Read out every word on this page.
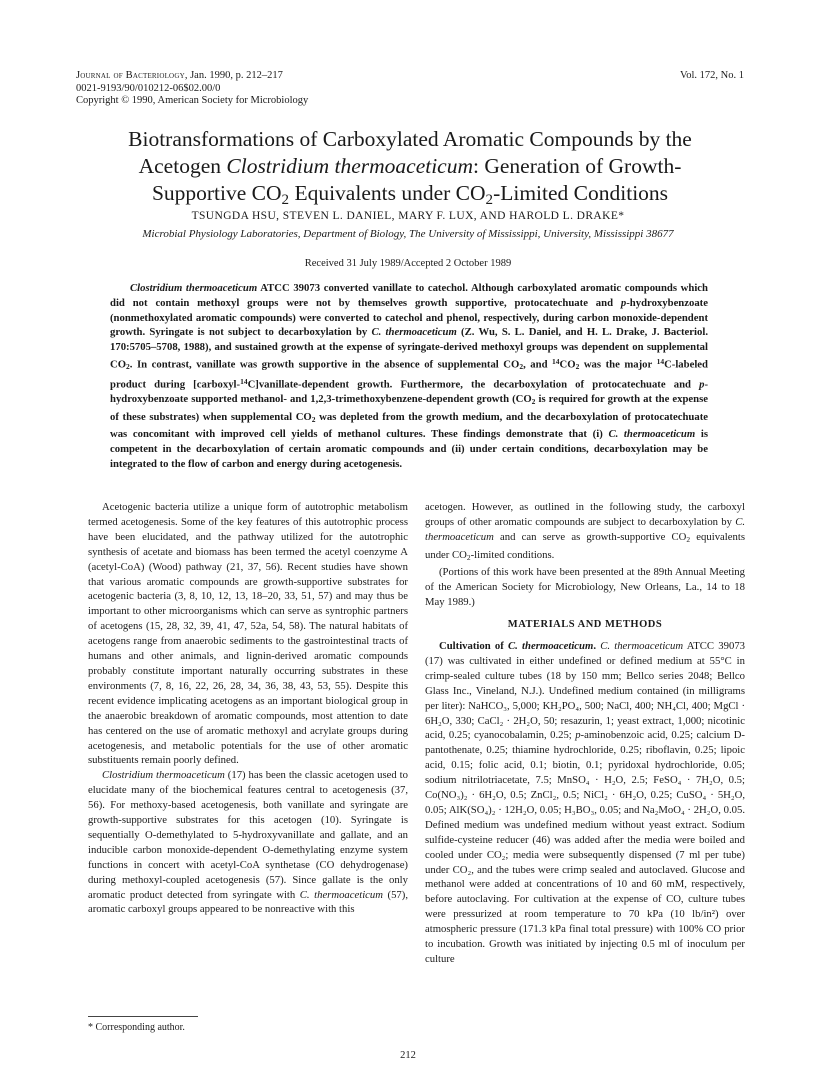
Journal of Bacteriology, Jan. 1990, p. 212–217
0021-9193/90/010212-06$02.00/0
Copyright © 1990, American Society for Microbiology
Vol. 172, No. 1
Biotransformations of Carboxylated Aromatic Compounds by the
Acetogen Clostridium thermoaceticum: Generation of Growth-
Supportive $CO_2$ Equivalents under $CO_2$-Limited Conditions
TSUNGDA HSU, STEVEN L. DANIEL, MARY F. LUX, AND HAROLD L. DRAKE*
Microbial Physiology Laboratories, Department of Biology, The University of Mississippi, University, Mississippi 38677
Received 31 July 1989/Accepted 2 October 1989

Clostridium thermoaceticum ATCC 39073 converted vanillate to catechol. Although carboxylated aromatic compounds which did not contain methoxyl groups were not by themselves growth supportive, protocatechuate and p-hydroxybenzoate (nonmethoxylated aromatic compounds) were converted to catechol and phenol, respectively, during carbon monoxide-dependent growth. Syringate is not subject to decarboxylation by C. thermoaceticum (Z. Wu, S. L. Daniel, and H. L. Drake, J. Bacteriol. 170:5705–5708, 1988), and sustained growth at the expense of syringate-derived methoxyl groups was dependent on supplemental $CO_2$. In contrast, vanillate was growth supportive in the absence of supplemental $CO_2$, and $^{14}CO_2$ was the major $^{14}$C-labeled product during [carboxyl-$^{14}$C]vanillate-dependent growth. Furthermore, the decarboxylation of protocatechuate and p-hydroxybenzoate supported methanol- and 1,2,3-trimethoxybenzene-dependent growth ($CO_2$ is required for growth at the expense of these substrates) when supplemental $CO_2$ was depleted from the growth medium, and the decarboxylation of protocatechuate was concomitant with improved cell yields of methanol cultures. These findings demonstrate that (i) C. thermoaceticum is competent in the decarboxylation of certain aromatic compounds and (ii) under certain conditions, decarboxylation may be integrated to the flow of carbon and energy during acetogenesis.

Acetogenic bacteria utilize a unique form of autotrophic metabolism termed acetogenesis. Some of the key features of this autotrophic process have been elucidated, and the pathway utilized for the autotrophic synthesis of acetate and biomass has been termed the acetyl coenzyme A (acetyl-CoA) (Wood) pathway (21, 37, 56). Recent studies have shown that various aromatic compounds are growth-supportive substrates for acetogenic bacteria (3, 8, 10, 12, 13, 18–20, 33, 51, 57) and may thus be important to other microorganisms which can serve as syntrophic partners of acetogens (15, 28, 32, 39, 41, 47, 52a, 54, 58). The natural habitats of acetogens range from anaerobic sediments to the gastrointestinal tracts of humans and other animals, and lignin-derived aromatic compounds probably constitute important naturally occurring substrates in these environments (7, 8, 16, 22, 26, 28, 34, 36, 38, 43, 53, 55). Despite this recent evidence implicating acetogens as an important biological group in the anaerobic breakdown of aromatic compounds, most attention to date has centered on the use of aromatic methoxyl and acrylate groups during acetogenesis, and metabolic potentials for the use of other aromatic substituents remain poorly defined.

Clostridium thermoaceticum (17) has been the classic acetogen used to elucidate many of the biochemical features central to acetogenesis (37, 56). For methoxy-based acetogenesis, both vanillate and syringate are growth-supportive substrates for this acetogen (10). Syringate is sequentially O-demethylated to 5-hydroxyvanillate and gallate, and an inducible carbon monoxide-dependent O-demethylating enzyme system functions in concert with acetyl-CoA synthetase (CO dehydrogenase) during methoxyl-coupled acetogenesis (57). Since gallate is the only aromatic product detected from syringate with C. thermoaceticum (57), aromatic carboxyl groups appeared to be nonreactive with this

acetogen. However, as outlined in the following study, the carboxyl groups of other aromatic compounds are subject to decarboxylation by C. thermoaceticum and can serve as growth-supportive $CO_2$ equivalents under $CO_2$-limited conditions.

(Portions of this work have been presented at the 89th Annual Meeting of the American Society for Microbiology, New Orleans, La., 14 to 18 May 1989.)

MATERIALS AND METHODS

Cultivation of C. thermoaceticum. C. thermoaceticum ATCC 39073 (17) was cultivated in either undefined or defined medium at 55°C in crimp-sealed culture tubes (18 by 150 mm; Bellco series 2048; Bellco Glass Inc., Vineland, N.J.). Undefined medium contained (in milligrams per liter): NaHCO₃, 5,000; KH₂PO₄, 500; NaCl, 400; NH₄Cl, 400; MgCl · 6H₂O, 330; CaCl₂ · 2H₂O, 50; resazurin, 1; yeast extract, 1,000; nicotinic acid, 0.25; cyanocobalamin, 0.25; p-aminobenzoic acid, 0.25; calcium D-pantothenate, 0.25; thiamine hydrochloride, 0.25; riboflavin, 0.25; lipoic acid, 0.15; folic acid, 0.1; biotin, 0.1; pyridoxal hydrochloride, 0.05; sodium nitrilotriacetate, 7.5; MnSO₄ · H₂O, 2.5; FeSO₄ · 7H₂O, 0.5; Co(NO₃)₂ · 6H₂O, 0.5; ZnCl₂, 0.5; NiCl₂ · 6H₂O, 0.25; CuSO₄ · 5H₂O, 0.05; AlK(SO₄)₂ · 12H₂O, 0.05; H₃BO₃, 0.05; and Na₂MoO₄ · 2H₂O, 0.05. Defined medium was undefined medium without yeast extract. Sodium sulfide-cysteine reducer (46) was added after the media were boiled and cooled under CO₂; media were subsequently dispensed (7 ml per tube) under CO₂, and the tubes were crimp sealed and autoclaved. Glucose and methanol were added at concentrations of 10 and 60 mM, respectively, before autoclaving. For cultivation at the expense of CO, culture tubes were pressurized at room temperature to 70 kPa (10 lb/in²) over atmospheric pressure (171.3 kPa final total pressure) with 100% CO prior to incubation. Growth was initiated by injecting 0.5 ml of inoculum per culture

* Corresponding author.
212
